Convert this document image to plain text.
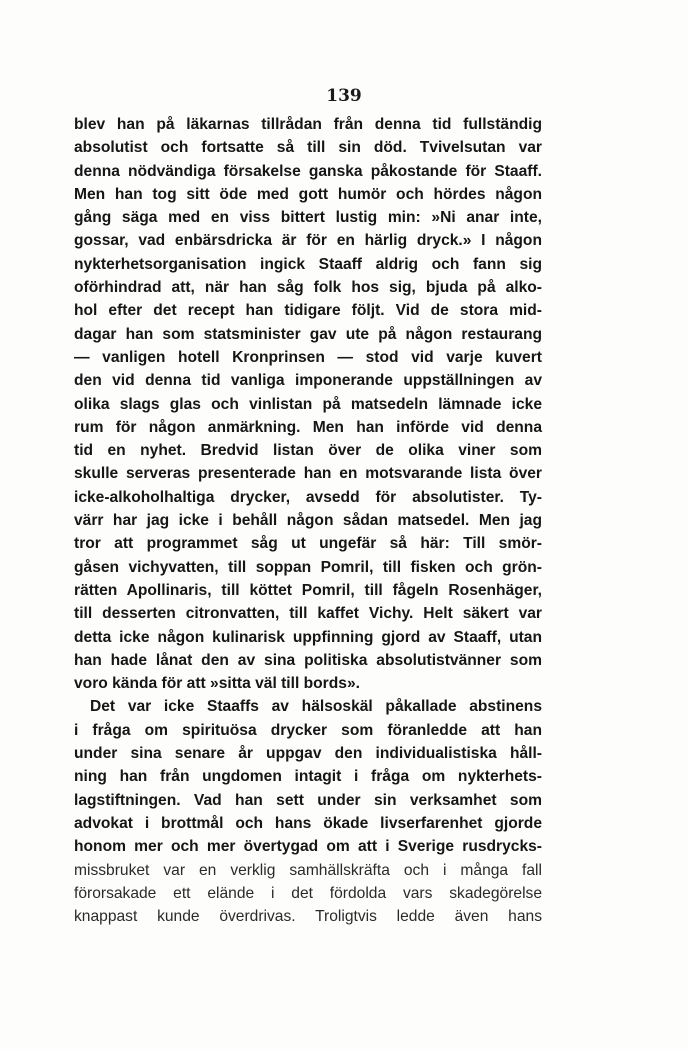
139
blev han på läkarnas tillrådan från denna tid fullständig
absolutist och fortsatte så till sin död. Tvivelsutan var
denna nödvändiga försakelse ganska påkostande för Staaff.
Men han tog sitt öde med gott humör och hördes någon
gång säga med en viss bittert lustig min: »Ni anar inte,
gossar, vad enbärsdricka är för en härlig dryck.» I någon
nykterhetsorganisation ingick Staaff aldrig och fann sig
oförhindrad att, när han såg folk hos sig, bjuda på alko-
hol efter det recept han tidigare följt. Vid de stora mid-
dagar han som statsminister gav ute på någon restaurang
— vanligen hotell Kronprinsen — stod vid varje kuvert
den vid denna tid vanliga imponerande uppställningen av
olika slags glas och vinlistan på matsedeln lämnade icke
rum för någon anmärkning. Men han införde vid denna
tid en nyhet. Bredvid listan över de olika viner som
skulle serveras presenterade han en motsvarande lista över
icke-alkoholhaltiga drycker, avsedd för absolutister. Ty-
värr har jag icke i behåll någon sådan matsedel. Men jag
tror att programmet såg ut ungefär så här: Till smör-
gåsen vichyvatten, till soppan Pomril, till fisken och grön-
rätten Apollinaris, till köttet Pomril, till fågeln Rosenhäger,
till desserten citronvatten, till kaffet Vichy. Helt säkert var
detta icke någon kulinarisk uppfinning gjord av Staaff, utan
han hade lånat den av sina politiska absolutistvänner som
voro kända för att »sitta väl till bords».
Det var icke Staaffs av hälsoskäl påkallade abstinens
i fråga om spirituösa drycker som föranledde att han
under sina senare år uppgav den individualistiska håll-
ning han från ungdomen intagit i fråga om nykterhets-
lagstiftningen. Vad han sett under sin verksamhet som
advokat i brottmål och hans ökade livserfarenhet gjorde
honom mer och mer övertygad om att i Sverige rusdrycks-
missbruket var en verklig samhällskräfta och i många fall
förorsakade ett elände i det fördolda vars skadegörelse
knappast kunde överdrivas. Troligtvis ledde även hans
